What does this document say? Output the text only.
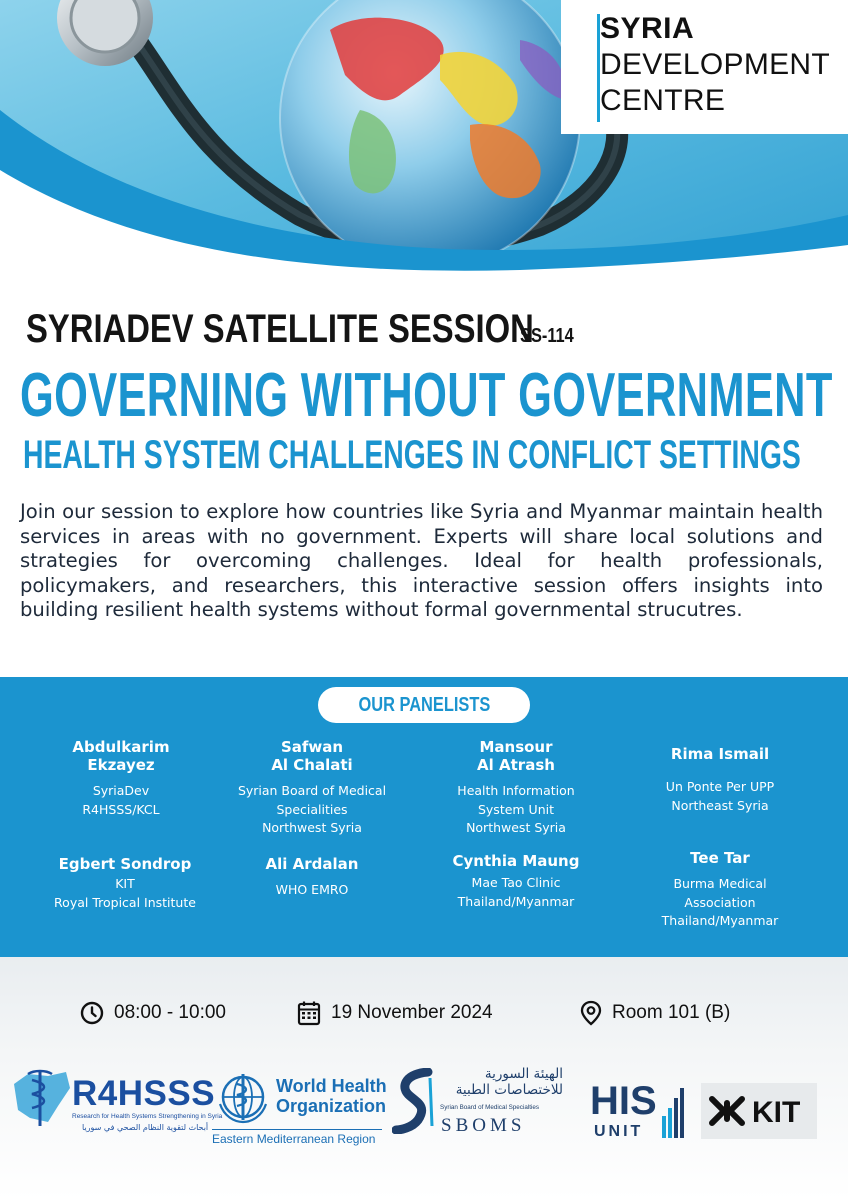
SYRIA
DEVELOPMENT
CENTRE
SYRIADEV SATELLITE SESSION
SS-114
GOVERNING WITHOUT GOVERNMENT
HEALTH SYSTEM CHALLENGES IN CONFLICT SETTINGS

Join our session to explore how countries like Syria and Myanmar maintain health services in areas with no government. Experts will share local solutions and strategies for overcoming challenges. Ideal for health professionals, policymakers, and researchers, this interactive session offers insights into building resilient health systems without formal governmental strucutres.

OUR PANELISTS
Abdulkarim
Ekzayez
SyriaDev
R4HSSS/KCL
Safwan
Al Chalati
Syrian Board of Medical
Specialities
Northwest Syria
Mansour
Al Atrash
Health Information
System Unit
Northwest Syria
Rima Ismail
Un Ponte Per UPP
Northeast Syria
Egbert Sondrop
KIT
Royal Tropical Institute
Ali Ardalan
WHO EMRO
Cynthia Maung
Mae Tao Clinic
Thailand/Myanmar
Tee Tar
Burma Medical
Association
Thailand/Myanmar
08:00 - 10:00	19 November 2024	Room 101 (B)
R4HSSS
Research for Health Systems Strengthening in Syria
أبحاث لتقوية النظام الصحي في سوريا
World Health
Organization
Eastern Mediterranean Region
الهيئة السورية
للاختصاصات الطبية
Syrian Board of Medical Specialties
SBOMS
HIS
UNIT
KIT
